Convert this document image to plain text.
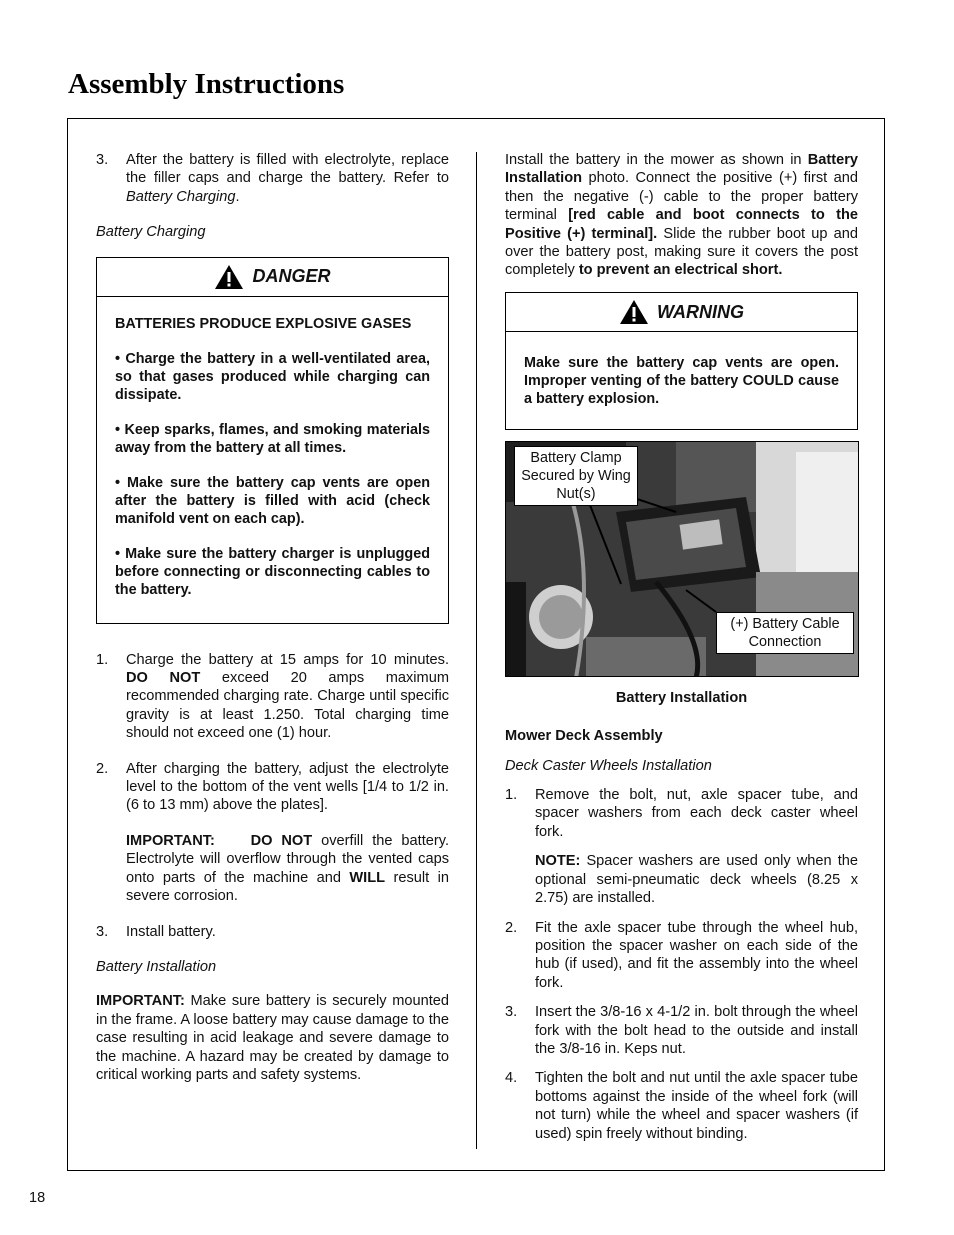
Assembly Instructions

3. After the battery is filled with electrolyte, replace the filler caps and charge the battery. Refer to Battery Charging.

Battery Charging

DANGER

BATTERIES PRODUCE EXPLOSIVE GASES

• Charge the battery in a well-ventilated area, so that gases produced while charging can dissipate.

• Keep sparks, flames, and smoking materials away from the battery at all times.

• Make sure the battery cap vents are open after the battery is filled with acid (check manifold vent on each cap).

• Make sure the battery charger is unplugged before connecting or disconnecting cables to the battery.

1. Charge the battery at 15 amps for 10 minutes. DO NOT exceed 20 amps maximum recommended charging rate. Charge until specific gravity is at least 1.250. Total charging time should not exceed one (1) hour.

2. After charging the battery, adjust the electrolyte level to the bottom of the vent wells [1/4 to 1/2 in. (6 to 13 mm) above the plates].

IMPORTANT: DO NOT overfill the battery. Electrolyte will overflow through the vented caps onto parts of the machine and WILL result in severe corrosion.

3. Install battery.

Battery Installation

IMPORTANT: Make sure battery is securely mounted in the frame. A loose battery may cause damage to the case resulting in acid leakage and severe damage to the machine. A hazard may be created by damage to critical working parts and safety systems.

Install the battery in the mower as shown in Battery Installation photo. Connect the positive (+) first and then the negative (-) cable to the proper battery terminal [red cable and boot connects to the Positive (+) terminal]. Slide the rubber boot up and over the battery post, making sure it covers the post completely to prevent an electrical short.

WARNING

Make sure the battery cap vents are open. Improper venting of the battery COULD cause a battery explosion.

Battery Clamp Secured by Wing Nut(s)
(+) Battery Cable Connection

Battery Installation

Mower Deck Assembly

Deck Caster Wheels Installation

1. Remove the bolt, nut, axle spacer tube, and spacer washers from each deck caster wheel fork.

NOTE: Spacer washers are used only when the optional semi-pneumatic deck wheels (8.25 x 2.75) are installed.

2. Fit the axle spacer tube through the wheel hub, position the spacer washer on each side of the hub (if used), and fit the assembly into the wheel fork.

3. Insert the 3/8-16 x 4-1/2 in. bolt through the wheel fork with the bolt head to the outside and install the 3/8-16 in. Keps nut.

4. Tighten the bolt and nut until the axle spacer tube bottoms against the inside of the wheel fork (will not turn) while the wheel and spacer washers (if used) spin freely without binding.

18
